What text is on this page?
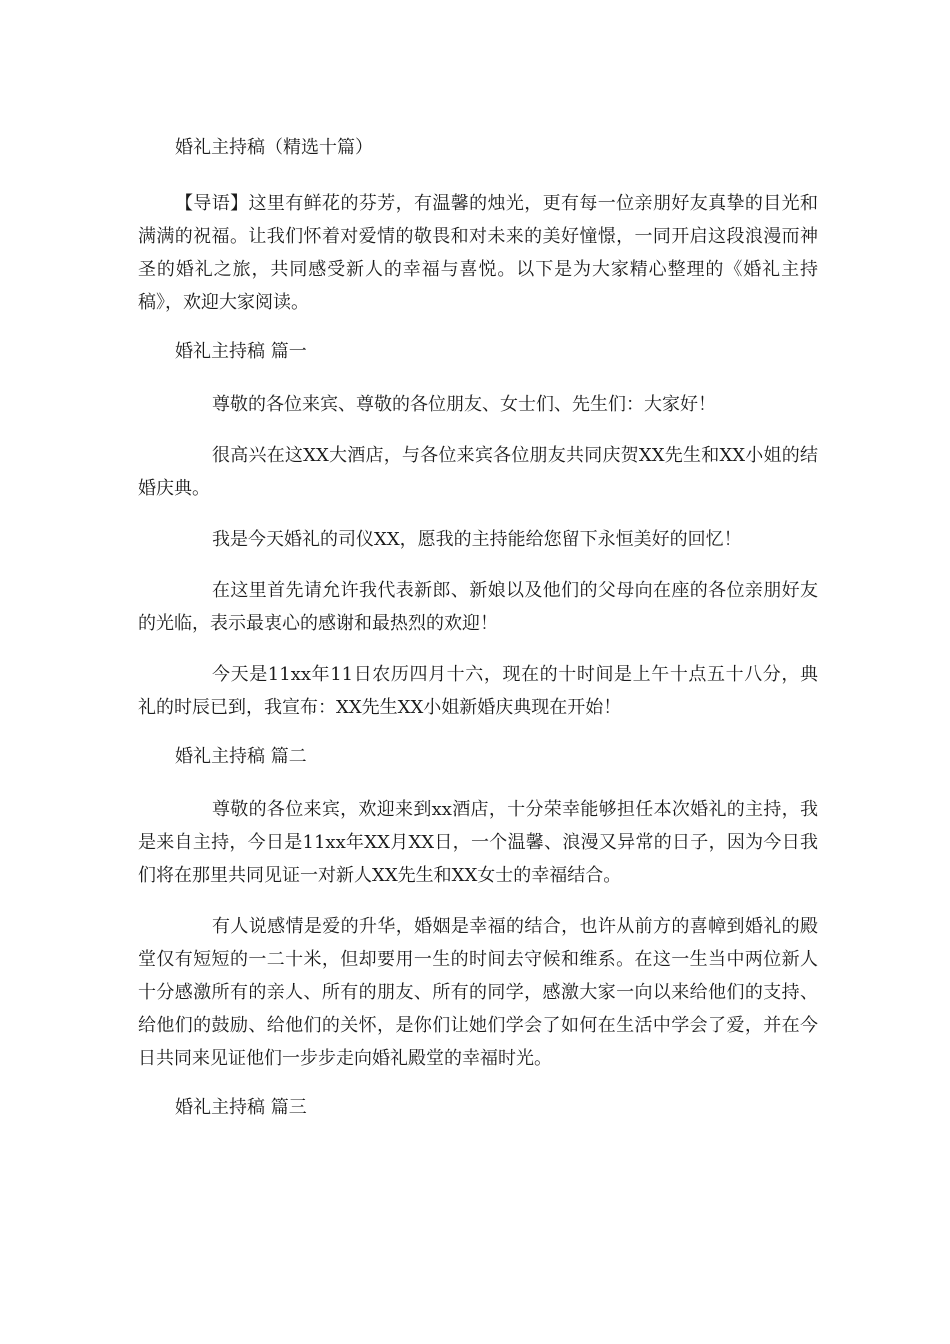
婚礼主持稿（精选十篇）

【导语】这里有鲜花的芬芳，有温馨的烛光，更有每一位亲朋好友真挚的目光和满满的祝福。让我们怀着对爱情的敬畏和对未来的美好憧憬，一同开启这段浪漫而神圣的婚礼之旅，共同感受新人的幸福与喜悦。以下是为大家精心整理的《婚礼主持稿》，欢迎大家阅读。

婚礼主持稿 篇一

尊敬的各位来宾、尊敬的各位朋友、女士们、先生们：大家好！

很高兴在这XX大酒店，与各位来宾各位朋友共同庆贺XX先生和XX小姐的结婚庆典。

我是今天婚礼的司仪XX，愿我的主持能给您留下永恒美好的回忆！

在这里首先请允许我代表新郎、新娘以及他们的父母向在座的各位亲朋好友的光临，表示最衷心的感谢和最热烈的欢迎！

今天是11xx年11日农历四月十六，现在的十时间是上午十点五十八分，典礼的时辰已到，我宣布：XX先生XX小姐新婚庆典现在开始！

婚礼主持稿 篇二

尊敬的各位来宾，欢迎来到xx酒店，十分荣幸能够担任本次婚礼的主持，我是来自主持，今日是11xx年XX月XX日，一个温馨、浪漫又异常的日子，因为今日我们将在那里共同见证一对新人XX先生和XX女士的幸福结合。

有人说感情是爱的升华，婚姻是幸福的结合，也许从前方的喜幛到婚礼的殿堂仅有短短的一二十米，但却要用一生的时间去守候和维系。在这一生当中两位新人十分感激所有的亲人、所有的朋友、所有的同学，感激大家一向以来给他们的支持、给他们的鼓励、给他们的关怀，是你们让她们学会了如何在生活中学会了爱，并在今日共同来见证他们一步步走向婚礼殿堂的幸福时光。

婚礼主持稿 篇三
